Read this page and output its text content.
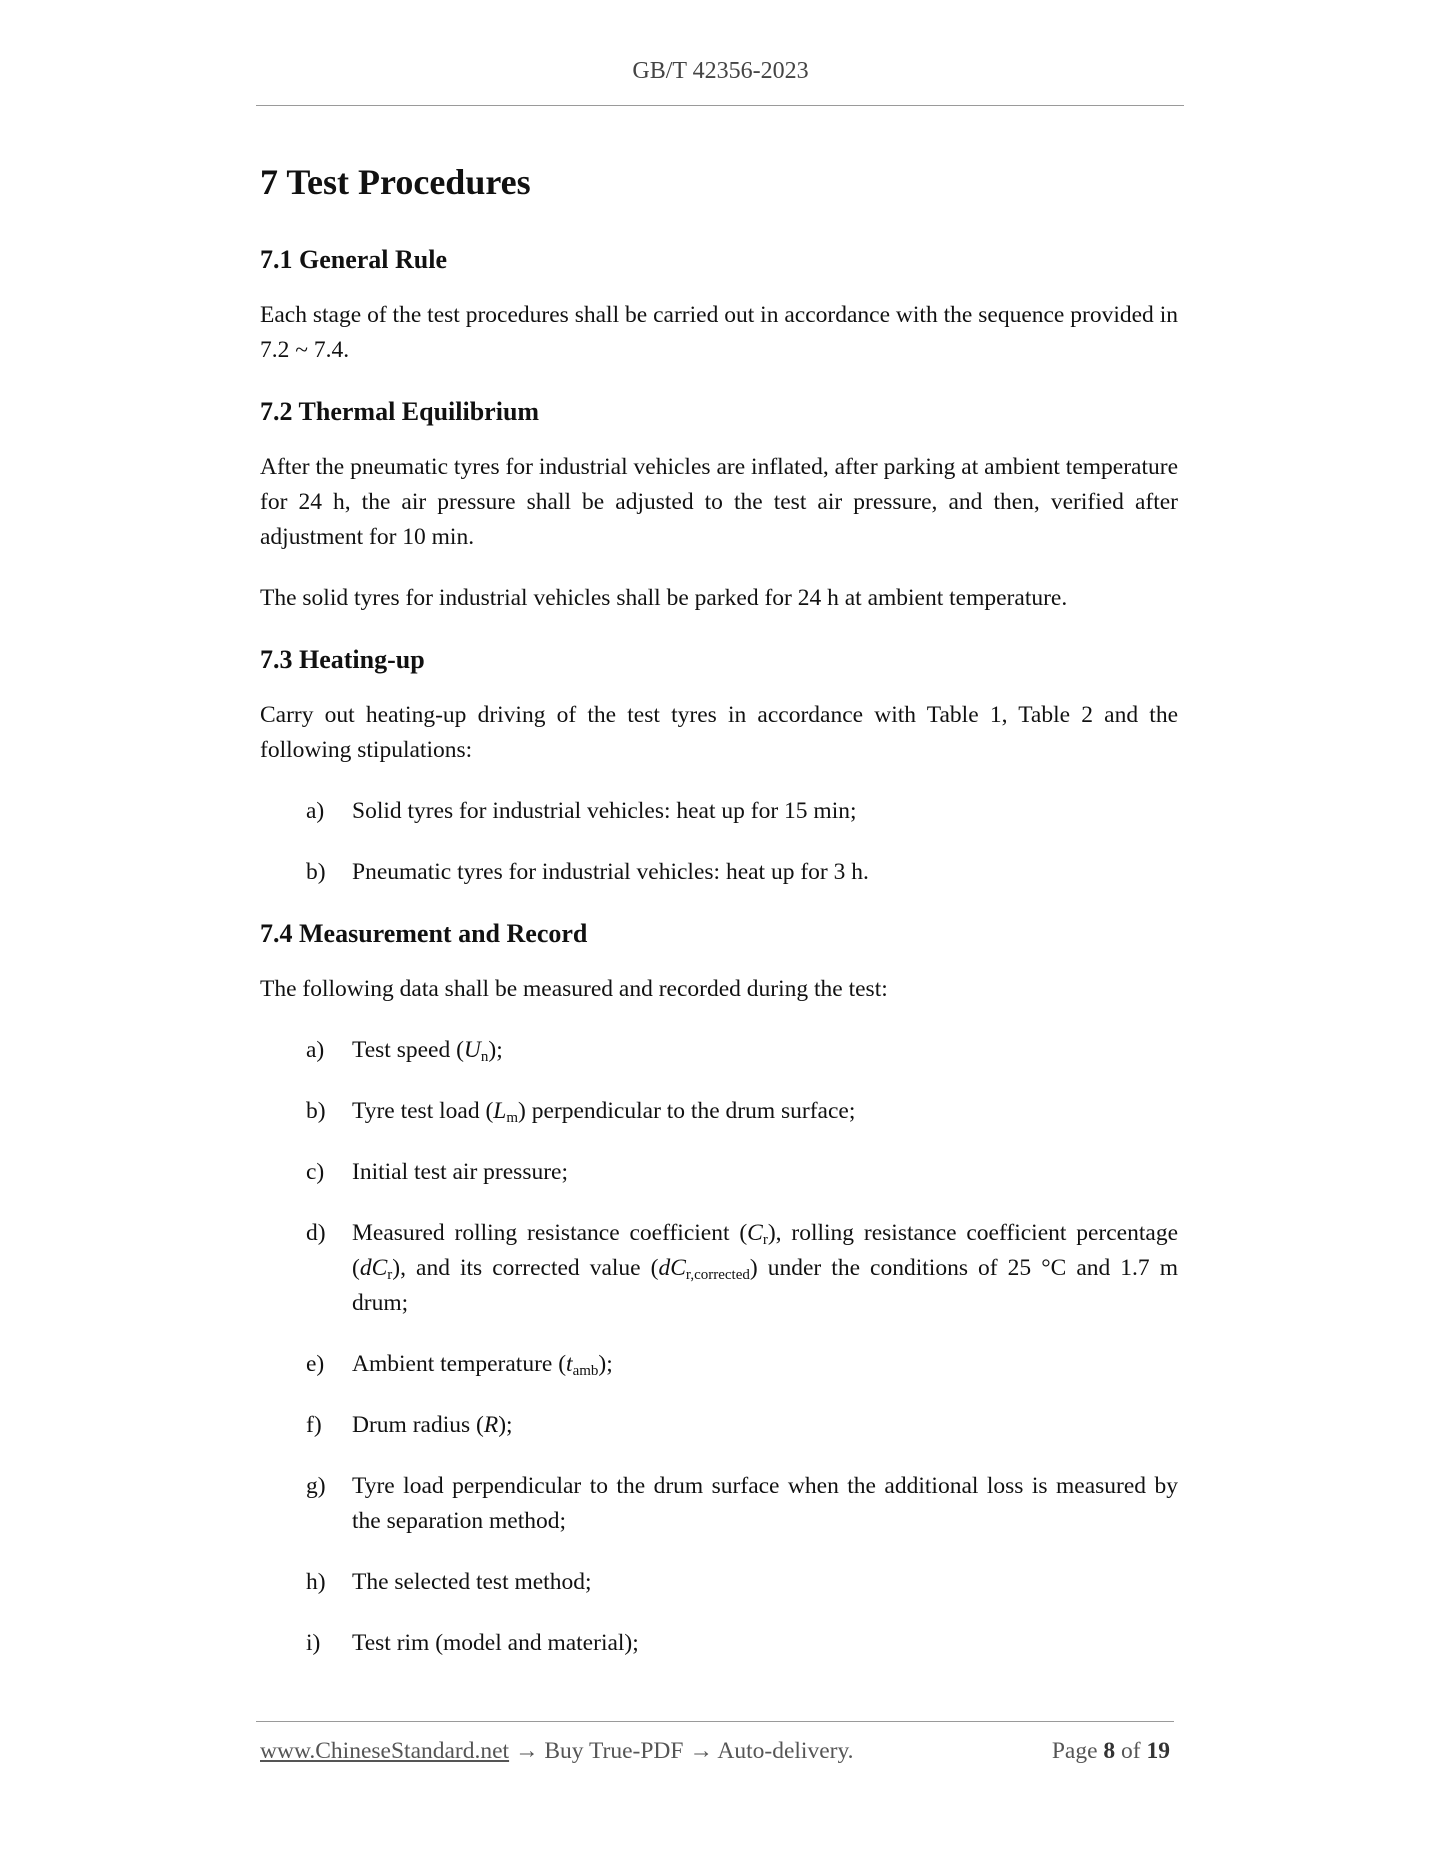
GB/T 42356-2023
7 Test Procedures
7.1 General Rule

Each stage of the test procedures shall be carried out in accordance with the sequence provided in 7.2 ~ 7.4.

7.2 Thermal Equilibrium

After the pneumatic tyres for industrial vehicles are inflated, after parking at ambient temperature for 24 h, the air pressure shall be adjusted to the test air pressure, and then, verified after adjustment for 10 min.

The solid tyres for industrial vehicles shall be parked for 24 h at ambient temperature.

7.3 Heating-up

Carry out heating-up driving of the test tyres in accordance with Table 1, Table 2 and the following stipulations:

a) Solid tyres for industrial vehicles: heat up for 15 min;
b) Pneumatic tyres for industrial vehicles: heat up for 3 h.
7.4 Measurement and Record

The following data shall be measured and recorded during the test:

a) Test speed $(U_n)$;
b) Tyre test load $(L_m)$ perpendicular to the drum surface;
c) Initial test air pressure;
d) Measured rolling resistance coefficient $(C_r)$, rolling resistance coefficient percentage $(dC_r)$, and its corrected value $(dC_{r,corrected})$ under the conditions of 25 °C and 1.7 m drum;
e) Ambient temperature $(t_{amb})$;
f) Drum radius (R);
g) Tyre load perpendicular to the drum surface when the additional loss is measured by the separation method;
h) The selected test method;
i) Test rim (model and material);
www.ChineseStandard.net → Buy True-PDF → Auto-delivery.	Page 8 of 19
